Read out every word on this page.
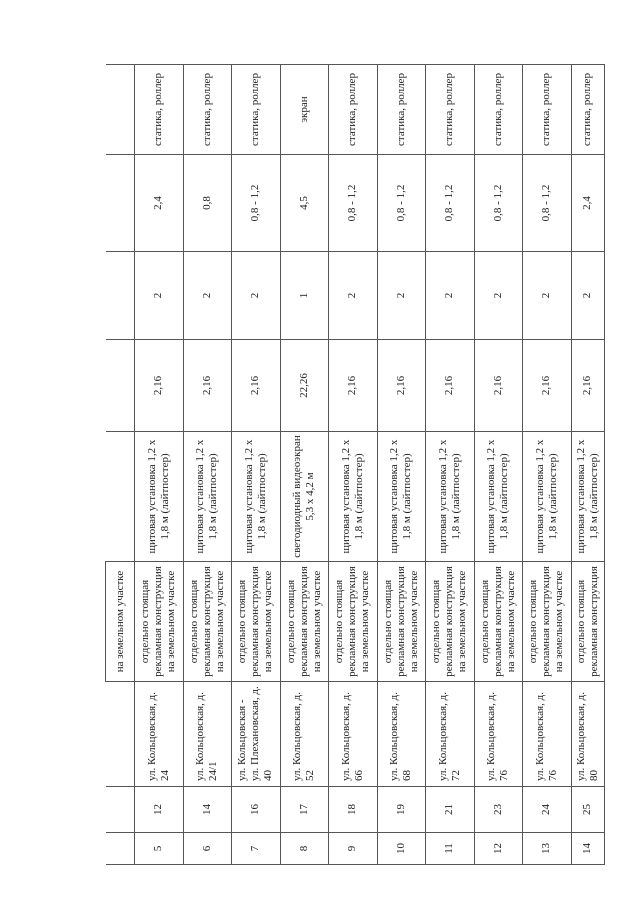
			на земельном участке					
5	12	ул. Кольцовская, д. 24	отдельно стоящая рекламная конструкция на земельном участке	щитовая установка 1,2 х 1,8 м (лайтпостер)	2,16	2	2,4	статика, роллер
6	14	ул. Кольцовская, д. 24/1	отдельно стоящая рекламная конструкция на земельном участке	щитовая установка 1,2 х 1,8 м (лайтпостер)	2,16	2	0,8	статика, роллер
7	16	ул. Кольцовская - ул. Плехановская, д. 40	отдельно стоящая рекламная конструкция на земельном участке	щитовая установка 1,2 х 1,8 м (лайтпостер)	2,16	2	0,8 - 1,2	статика, роллер
8	17	ул. Кольцовская, д. 52	отдельно стоящая рекламная конструкция на земельном участке	светодиодный видеоэкран 5,3 х 4,2 м	22,26	1	4,5	экран
9	18	ул. Кольцовская, д. 66	отдельно стоящая рекламная конструкция на земельном участке	щитовая установка 1,2 х 1,8 м (лайтпостер)	2,16	2	0,8 - 1,2	статика, роллер
10	19	ул. Кольцовская, д. 68	отдельно стоящая рекламная конструкция на земельном участке	щитовая установка 1,2 х 1,8 м (лайтпостер)	2,16	2	0,8 - 1,2	статика, роллер
11	21	ул. Кольцовская, д. 72	отдельно стоящая рекламная конструкция на земельном участке	щитовая установка 1,2 х 1,8 м (лайтпостер)	2,16	2	0,8 - 1,2	статика, роллер
12	23	ул. Кольцовская, д. 76	отдельно стоящая рекламная конструкция на земельном участке	щитовая установка 1,2 х 1,8 м (лайтпостер)	2,16	2	0,8 - 1,2	статика, роллер
13	24	ул. Кольцовская, д. 76	отдельно стоящая рекламная конструкция на земельном участке	щитовая установка 1,2 х 1,8 м (лайтпостер)	2,16	2	0,8 - 1,2	статика, роллер
14	25	ул. Кольцовская, д. 80	отдельно стоящая рекламная конструкция	щитовая установка 1,2 х 1,8 м (лайтпостер)	2,16	2	2,4	статика, роллер
